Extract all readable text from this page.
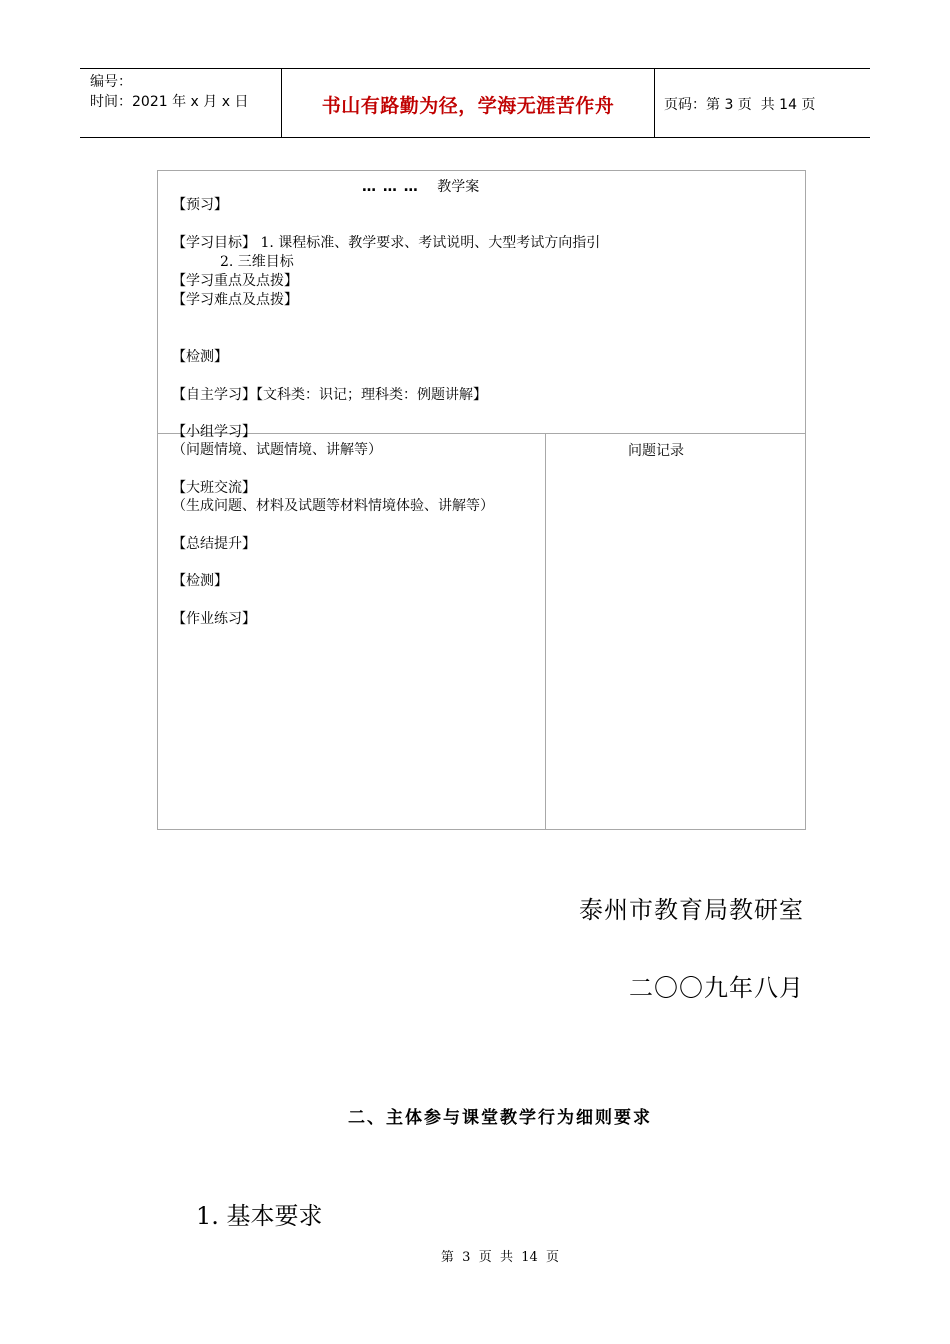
编号：
时间：2021 年 x 月 x 日	书山有路勤为径，学海无涯苦作舟	页码：第 3 页  共 14 页
… … … 教学案
【预习】
【学习目标】 1. 课程标准、教学要求、考试说明、大型考试方向指引
2. 三维目标
【学习重点及点拨】
【学习难点及点拨】
【检测】
【自主学习】【文科类：识记；理科类：例题讲解】
【小组学习】
（问题情境、试题情境、讲解等）
【大班交流】
（生成问题、材料及试题等材料情境体验、讲解等）
【总结提升】
【检测】
【作业练习】
问题记录
泰州市教育局教研室
二〇〇九年八月
二、主体参与课堂教学行为细则要求
1. 基本要求
第  3  页  共  14  页
